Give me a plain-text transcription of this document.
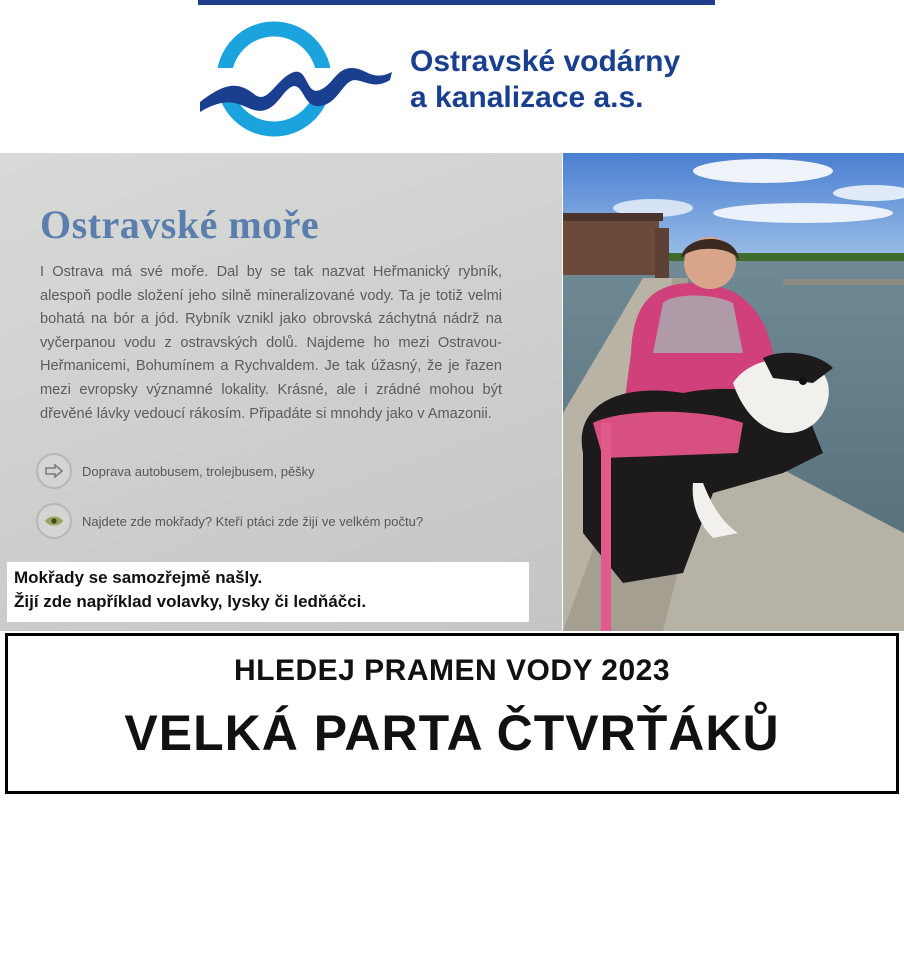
Ostravské vodárny
a kanalizace a.s.
Ostravské moře
I Ostrava má své moře. Dal by se tak nazvat Heřmanický rybník, alespoň podle složení jeho silně mineralizované vody. Ta je totiž velmi bohatá na bór a jód. Rybník vznikl jako obrovská záchytná nádrž na vyčerpanou vodu z ostravských dolů. Najdeme ho mezi Ostravou-Heřmanicemi, Bohumínem a Rychvaldem. Je tak úžasný, že je řazen mezi evropsky významné lokality. Krásné, ale i zrádné mohou být dřevěné lávky vedoucí rákosím. Připadáte si mnohdy jako v Amazonii.
Doprava autobusem, trolejbusem, pěšky
Najdete zde mokřady? Kteří ptáci zde žijí ve velkém počtu?
Mokřady se samozřejmě našly.
Žijí zde například volavky, lysky či ledňáčci.
HLEDEJ PRAMEN VODY 2023
VELKÁ PARTA ČTVRŤÁKŮ
